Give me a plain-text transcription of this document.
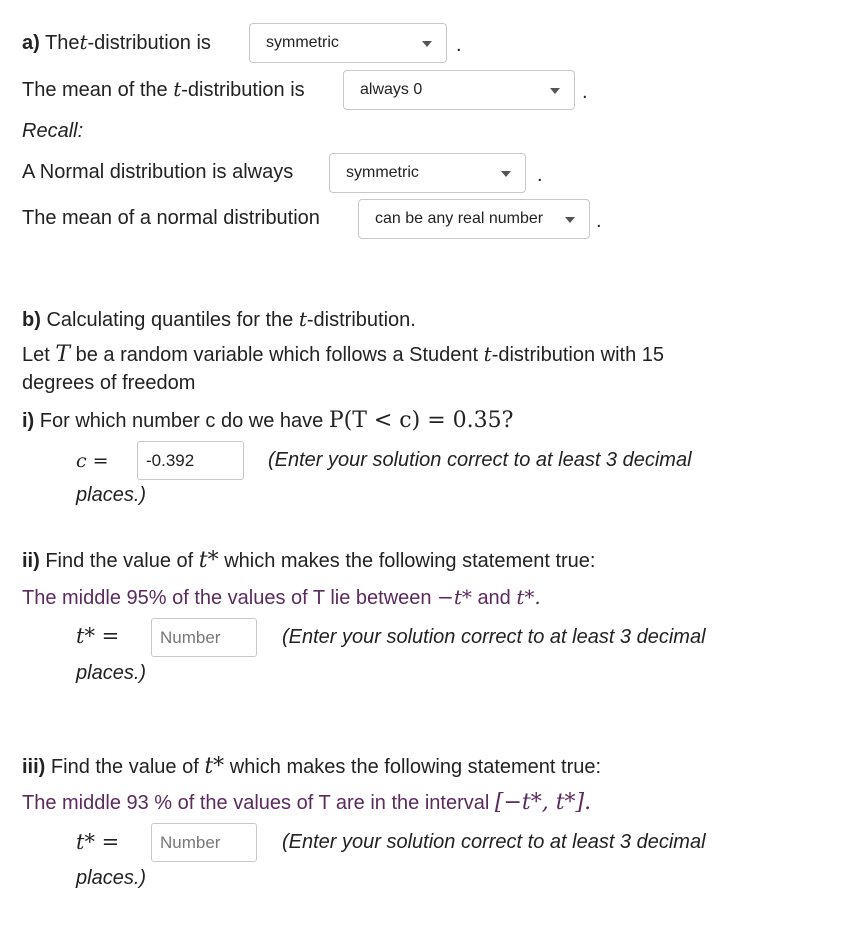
a) Thet-distribution is	symmetric	.
The mean of the t-distribution is	always 0	.
Recall:
A Normal distribution is always	symmetric	.
The mean of a normal distribution	can be any real number	.
b) Calculating quantiles for the t-distribution.
Let T be a random variable which follows a Student t-distribution with 15
degrees of freedom
i) For which number c do we have P(T < c) = 0.35?
c =	-0.392	(Enter your solution correct to at least 3 decimal
places.)
ii) Find the value of t* which makes the following statement true:
The middle 95% of the values of T lie between −t* and t*.
t* =	Number	(Enter your solution correct to at least 3 decimal
places.)
iii) Find the value of t* which makes the following statement true:
The middle 93 % of the values of T are in the interval [−t*, t*].
t* =	Number	(Enter your solution correct to at least 3 decimal
places.)
